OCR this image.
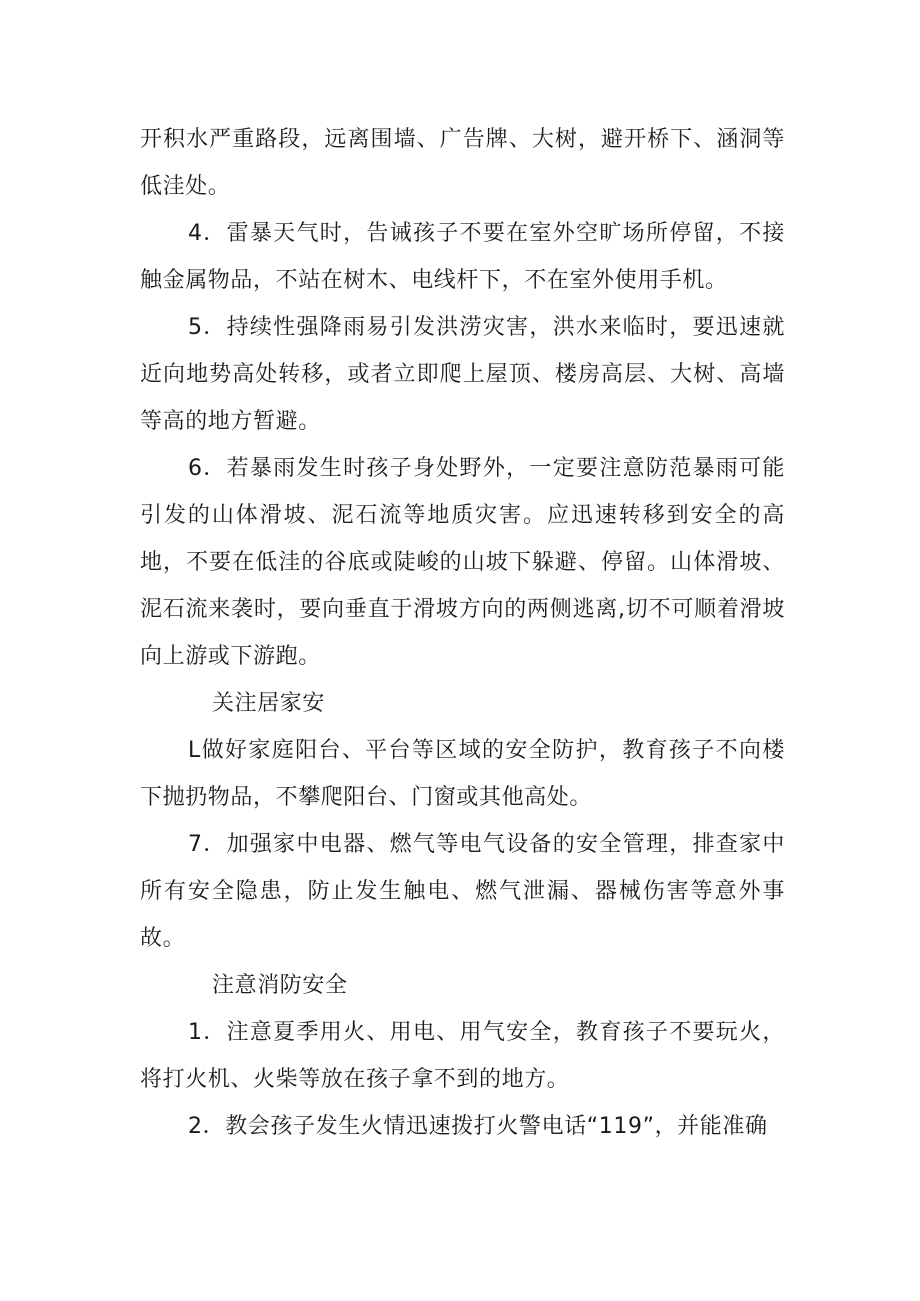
开积水严重路段，远离围墙、广告牌、大树，避开桥下、涵洞等低洼处。

4．雷暴天气时，告诫孩子不要在室外空旷场所停留，不接触金属物品，不站在树木、电线杆下，不在室外使用手机。

5．持续性强降雨易引发洪涝灾害，洪水来临时，要迅速就近向地势高处转移，或者立即爬上屋顶、楼房高层、大树、高墙等高的地方暂避。

6．若暴雨发生时孩子身处野外，一定要注意防范暴雨可能引发的山体滑坡、泥石流等地质灾害。应迅速转移到安全的高地，不要在低洼的谷底或陡峻的山坡下躲避、停留。山体滑坡、泥石流来袭时，要向垂直于滑坡方向的两侧逃离,切不可顺着滑坡向上游或下游跑。

关注居家安

L做好家庭阳台、平台等区域的安全防护，教育孩子不向楼下抛扔物品，不攀爬阳台、门窗或其他高处。

7．加强家中电器、燃气等电气设备的安全管理，排查家中所有安全隐患，防止发生触电、燃气泄漏、器械伤害等意外事故。

注意消防安全

1．注意夏季用火、用电、用气安全，教育孩子不要玩火，将打火机、火柴等放在孩子拿不到的地方。

2．教会孩子发生火情迅速拨打火警电话“119”，并能准确
